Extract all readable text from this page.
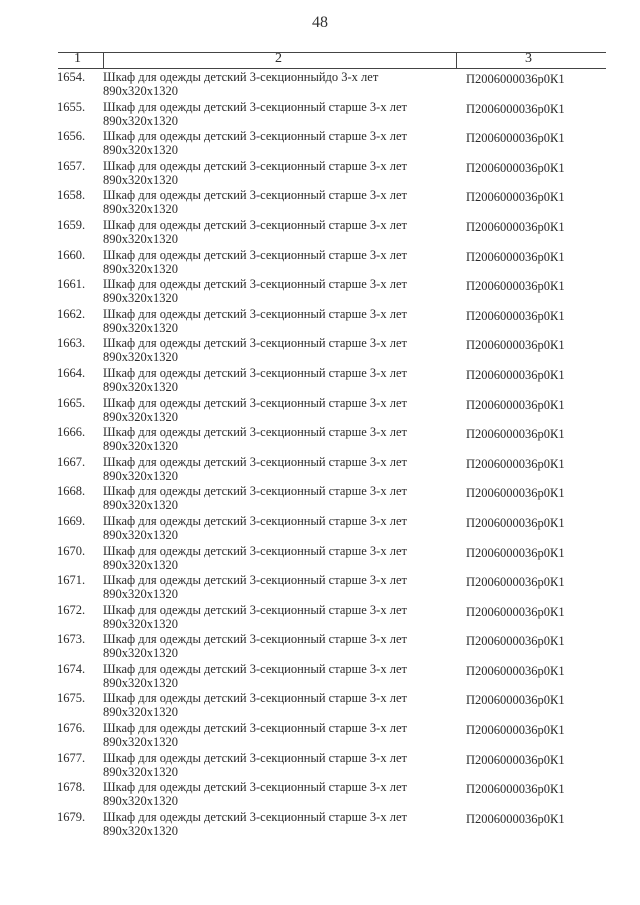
48
1	2	3
1654. Шкаф для одежды детский 3-секционныйдо 3-х лет
890x320x1320
П2006000036р0К1
1655. Шкаф для одежды детский 3-секционный старше 3-х лет
890x320x1320
П2006000036р0К1
1656. Шкаф для одежды детский 3-секционный старше 3-х лет
890x320x1320
П2006000036р0К1
1657. Шкаф для одежды детский 3-секционный старше 3-х лет
890x320x1320
П2006000036р0К1
1658. Шкаф для одежды детский 3-секционный старше 3-х лет
890x320x1320
П2006000036р0К1
1659. Шкаф для одежды детский 3-секционный старше 3-х лет
890x320x1320
П2006000036р0К1
1660. Шкаф для одежды детский 3-секционный старше 3-х лет
890x320x1320
П2006000036р0К1
1661. Шкаф для одежды детский 3-секционный старше 3-х лет
890x320x1320
П2006000036р0К1
1662. Шкаф для одежды детский 3-секционный старше 3-х лет
890x320x1320
П2006000036р0К1
1663. Шкаф для одежды детский 3-секционный старше 3-х лет
890x320x1320
П2006000036р0К1
1664. Шкаф для одежды детский 3-секционный старше 3-х лет
890x320x1320
П2006000036р0К1
1665. Шкаф для одежды детский 3-секционный старше 3-х лет
890x320x1320
П2006000036р0К1
1666. Шкаф для одежды детский 3-секционный старше 3-х лет
890x320x1320
П2006000036р0К1
1667. Шкаф для одежды детский 3-секционный старше 3-х лет
890x320x1320
П2006000036р0К1
1668. Шкаф для одежды детский 3-секционный старше 3-х лет
890x320x1320
П2006000036р0К1
1669. Шкаф для одежды детский 3-секционный старше 3-х лет
890x320x1320
П2006000036р0К1
1670. Шкаф для одежды детский 3-секционный старше 3-х лет
890x320x1320
П2006000036р0К1
1671. Шкаф для одежды детский 3-секционный старше 3-х лет
890x320x1320
П2006000036р0К1
1672. Шкаф для одежды детский 3-секционный старше 3-х лет
890x320x1320
П2006000036р0К1
1673. Шкаф для одежды детский 3-секционный старше 3-х лет
890x320x1320
П2006000036р0К1
1674. Шкаф для одежды детский 3-секционный старше 3-х лет
890x320x1320
П2006000036р0К1
1675. Шкаф для одежды детский 3-секционный старше 3-х лет
890x320x1320
П2006000036р0К1
1676. Шкаф для одежды детский 3-секционный старше 3-х лет
890x320x1320
П2006000036р0К1
1677. Шкаф для одежды детский 3-секционный старше 3-х лет
890x320x1320
П2006000036р0К1
1678. Шкаф для одежды детский 3-секционный старше 3-х лет
890x320x1320
П2006000036р0К1
1679. Шкаф для одежды детский 3-секционный старше 3-х лет
890x320x1320
П2006000036р0К1
